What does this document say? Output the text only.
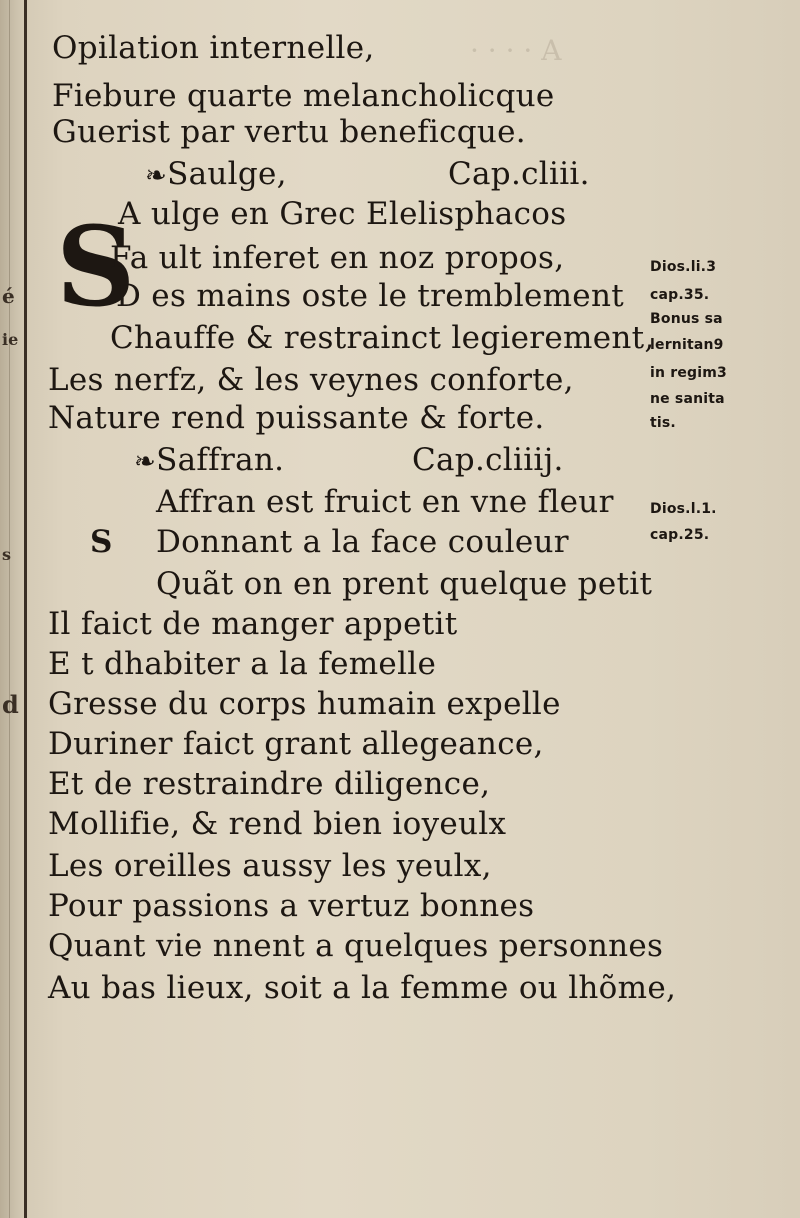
é
ie
d
s
· · · · A
Opilation internelle,
Fiebure quarte melancholicque
Guerist par vertu beneficque.
❧Saulge,	Cap.cliii.
S
A ulge en Grec Elelisphacos
Fa ult inferet en noz propos,
D es mains oste le tremblement
Chauffe & restrainct legierement,
Les nerfz, & les veynes conforte,
Nature rend puissante & forte.
❧Saffran.	Cap.cliiij.
Affran est fruict en vne fleur
S Donnant a la face couleur
Quãt on en prent quelque petit
Il faict de manger appetit
E t dhabiter a la femelle
Gresse du corps humain expelle
Duriner faict grant allegeance,
Et de restraindre diligence,
Mollifie, & rend bien ioyeulx
Les oreilles aussy les yeulx,
Pour passions a vertuz bonnes
Quant vie nnent a quelques personnes
Au bas lieux, soit a la femme ou lhõme,
Dios.li.3
cap.35.
Bonus sa
lernitan9
in regim3
ne sanita
tis.
Dios.l.1.
cap.25.
